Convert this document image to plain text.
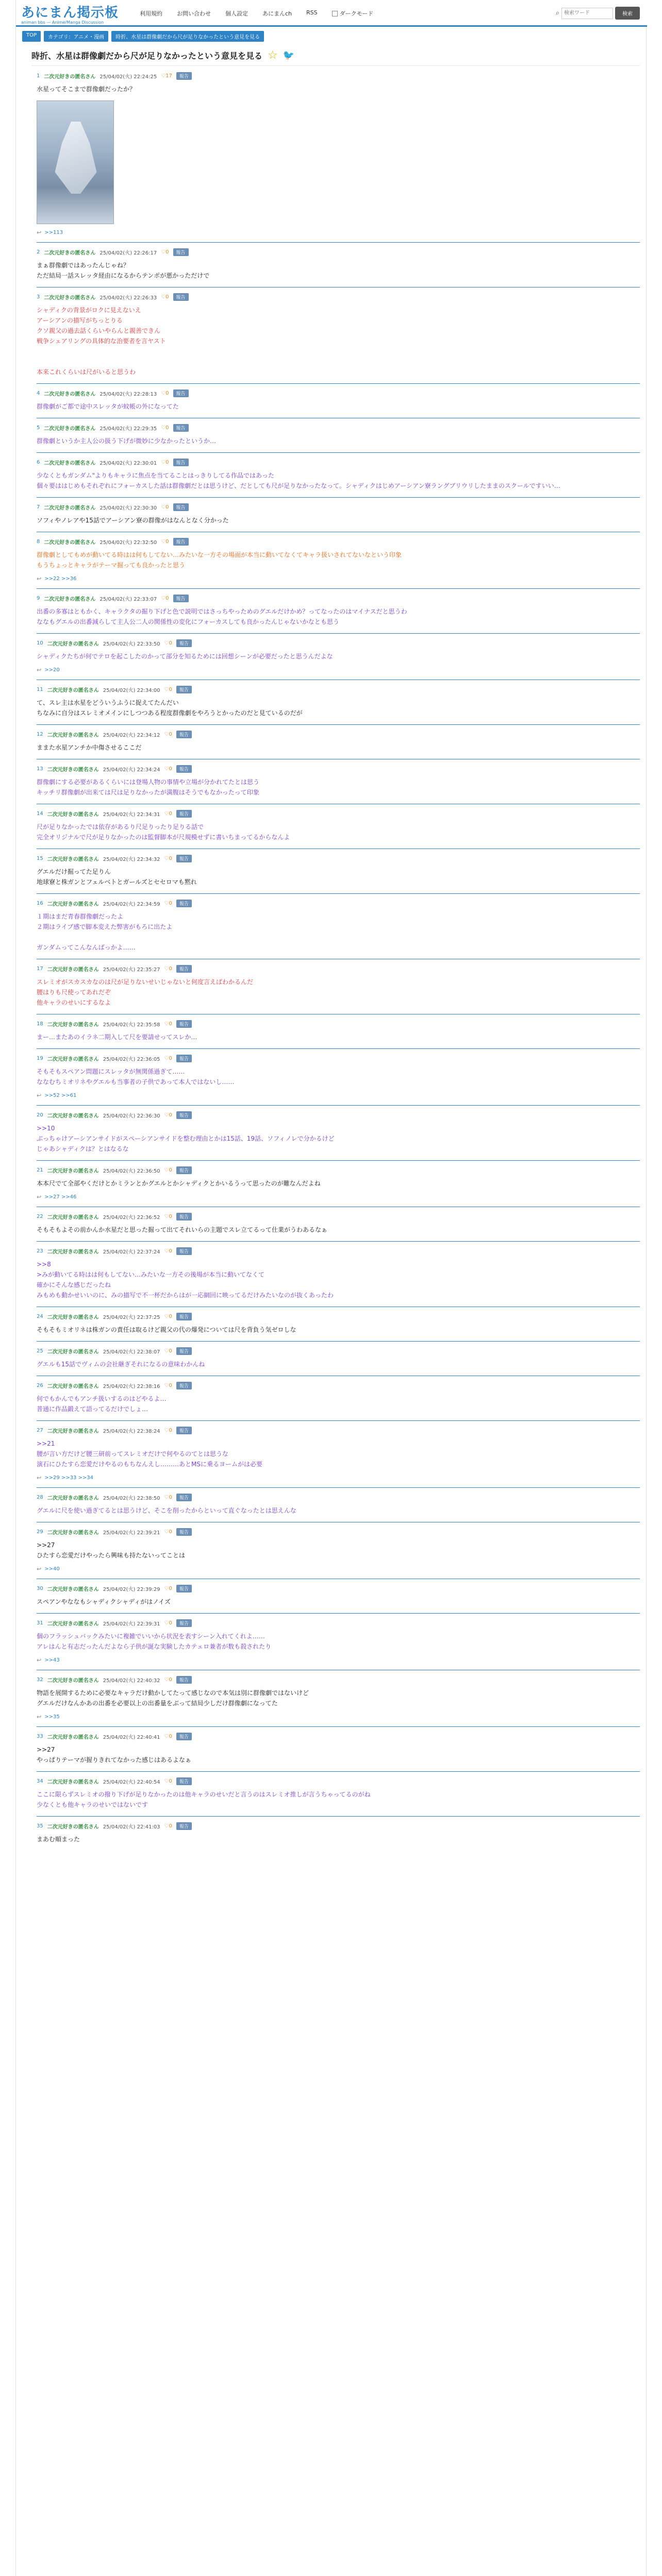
あにまん掲示板
animan bbs — Anime/Manga Discussion
利用規約	お問い合わせ	個人設定	あにまんch	RSS	ダークモード	⌕
検索ワード	検索
TOP	カテゴリ：アニメ・漫画	時折、水星は群像劇だから尺が足りなかったという意見を見る
時折、水星は群像劇だから尺が足りなかったという意見を見る ☆ 🐦
1 二次元好きの匿名さん 25/04/02(火) 22:24:25 ♡17	報告
水星ってそこまで群像劇だったか？
↩ >>113
2 二次元好きの匿名さん 25/04/02(火) 22:26:17 ♡0	報告
まぁ群像劇ではあったんじゃね？
ただ結局一話スレッタ経由になるからテンポが悪かっただけで
3 二次元好きの匿名さん 25/04/02(火) 22:26:33 ♡0	報告
シャディクの背景がロクに見えないえ
アーシアンの描写がちっとりる
クソ親父の過去話くらいやらんと親善できん
戦争シェアリングの具体的な治要者を言ヤスト

本来これくらいは尺がいると思うわ
4 二次元好きの匿名さん 25/04/02(火) 22:28:13 ♡0	報告
群像劇がご都で途中スレッタが蚊帳の外になってた
5 二次元好きの匿名さん 25/04/02(火) 22:29:35 ♡0	報告
群像劇というか主人公の扱う下げが微妙に少なかったというか…
6 二次元好きの匿名さん 25/04/02(火) 22:30:01 ♡0	報告
少なくともガンダム"よりもキャラに焦点を当てることはっきりしてる作品ではあった
個々要ははじめもそれぞれにフォーカスした話は群像劇だとは思うけど、だとしても尺が足りなかったなって。シャディクはじめアーシアン寮ラングブリウリしたままのスクールですいい…
7 二次元好きの匿名さん 25/04/02(火) 22:30:30 ♡0	報告
ソフィやノレアや15話でアーシアン寮の群像がはなんとなく分かった
8 二次元好きの匿名さん 25/04/02(火) 22:32:50 ♡0	報告
群像劇としてもめが動いてる時はは何もしてない…みたいな一方その場面が本当に動いてなくてキャラ扱いされてないなという印象
もうちょっとキャラがテーマ掘っても良かったと思う
↩ >>22 >>36
9 二次元好きの匿名さん 25/04/02(火) 22:33:07 ♡0	報告
出番の多寡はともかく、キャラクタの掘り下げと色で説明ではさっちやっためのグエルだけかめ？ってなったのはマイナスだと思うわ
ななもグエルの出番減らして主人公二人の関係性の変化にフォーカスしても良かったんじゃないかなとも思う
10 二次元好きの匿名さん 25/04/02(火) 22:33:50 ♡0	報告
シャディクたちが何でテロを起こしたのかって部分を知るためには回想シーンが必要だったと思うんだよな
↩ >>20
11 二次元好きの匿名さん 25/04/02(火) 22:34:00 ♡0	報告
て、スレ主は水星をどういうふうに捉えてたんだい
ちなみに自分はスレミオメインにしつつある程度群像劇をやろうとかったのだと見ているのだが
12 二次元好きの匿名さん 25/04/02(火) 22:34:12 ♡0	報告
ままた水星アンチか中傷させるここだ
13 二次元好きの匿名さん 25/04/02(火) 22:34:24 ♡0	報告
群像劇にする必要があるくらいには登場人物の事情や立場が分かれてたとは思う
キッチリ群像劇が出来ては尺は足りなかったが満腹はそうでもなかったって印象
14 二次元好きの匿名さん 25/04/02(火) 22:34:31 ♡0	報告
尺が足りなかったでは依存があるり尺足りったり足りる話で
完全オリジナルで尺が足りなかったのは監督脚本が尺規模せずに書いちまってるからなんよ
15 二次元好きの匿名さん 25/04/02(火) 22:34:32 ♡0	報告
グエルだけ掘ってた足りん
地球寮と株ガンとフェルベトとガールズとセセロマも黙れ
16 二次元好きの匿名さん 25/04/02(火) 22:34:59 ♡0	報告
１期はまだ青春群像劇だったよ
２期はライブ感で脚本変えた弊害がもろに出たよ

ガンダムってこんなんばっかよ……
17 二次元好きの匿名さん 25/04/02(火) 22:35:27 ♡0	報告
スレミオがスカスカなのは尺が足りないせいじゃないと何度言えばわかるんだ
腰はりも尺使ってあれだぞ
他キャラのせいにするなよ
18 二次元好きの匿名さん 25/04/02(火) 22:35:58 ♡0	報告
まー…またあのイラネ二期入して尺を要請せってスレか…
19 二次元好きの匿名さん 25/04/02(火) 22:36:05 ♡0	報告
そもそもスペアン問題にスレッタが無関係過ぎて……
ななむちミオリネやグエルも当事者の子供であって本人ではないし……
↩ >>52 >>61
20 二次元好きの匿名さん 25/04/02(火) 22:36:30 ♡0	報告
>>10
ぶっちゃけアーシアンサイドがスペーシアンサイドを整む理由とかは15話、19話、ソフィノレで分かるけど
じゃあシャディクは？とはなるな
21 二次元好きの匿名さん 25/04/02(火) 22:36:50 ♡0	報告
本本尺でて全部やくだけとかミランとかグエルとかシャディクとかいるうって思ったのが難なんだよね
↩ >>27 >>46
22 二次元好きの匿名さん 25/04/02(火) 22:36:52 ♡0	報告
そもそもよその前かんか水星だと思った掘って出てそれいらの主題でスレ立てるって仕業がうわあるなぁ
23 二次元好きの匿名さん 25/04/02(火) 22:37:24 ♡0	報告
>>8
>みが動いてる時はは何もしてない…みたいな一方その後場が本当に動いてなくて
確かにそんな感じだったね
みもめも動かせいいのに、みの描写で不一杯だからはが一応網回に映ってるだけみたいなのが抜くあったわ
24 二次元好きの匿名さん 25/04/02(火) 22:37:25 ♡0	報告
そもそもミオリネは株ガンの責任は取るけど親父の代の爆発については尺を背負う気ゼロしな
25 二次元好きの匿名さん 25/04/02(火) 22:38:07 ♡0	報告
グエルも15話でヴィムの会社継ぎそれになるの意味わかんね
26 二次元好きの匿名さん 25/04/02(火) 22:38:16 ♡0	報告
何でもかんでもアンチ扱いするのはどやるよ…
普通に作品鍛えて語ってるだけでしょ…
27 二次元好きの匿名さん 25/04/02(火) 22:38:24 ♡0	報告
>>21
腰が言い方だけど腰三研前ってスレミオだけで何やるのてとは思うな
演石にひたすら恋愛だけやるのもちなんえし………あとMSに乗るヨームがは必要
↩ >>29 >>33 >>34
28 二次元好きの匿名さん 25/04/02(火) 22:38:50 ♡0	報告
グエルに尺を使い過ぎてるとは思うけど、そこを削ったからといって直ぐなったとは思えんな
29 二次元好きの匿名さん 25/04/02(火) 22:39:21 ♡0	報告
>>27
ひたすら恋愛だけやったら興味も持たないってことは
↩ >>40
30 二次元好きの匿名さん 25/04/02(火) 22:39:29 ♡0	報告
スペアンやななもシャディクシャディがはノイズ
31 二次元好きの匿名さん 25/04/02(火) 22:39:31 ♡0	報告
個のフラッシュバックみたいに複雑でいいから状況を表すシーン入れてくれよ……
アレはんと有志だったんだよなら子供が誕な実験したカテェロ兼者が数も殺されたり
↩ >>43
32 二次元好きの匿名さん 25/04/02(火) 22:40:32 ♡0	報告
物語を展開するために必要なキャラだけ動かしてたって感じなので本気は別に群像劇ではないけど
グエルだけなんかあの出番を必要以上の出番量をぶって結局少しだけ群像劇になってた
↩ >>35
33 二次元好きの匿名さん 25/04/02(火) 22:40:41 ♡0	報告
>>27
やっぱりテーマが握りきれてなかった感じはあるよなぁ
34 二次元好きの匿名さん 25/04/02(火) 22:40:54 ♡0	報告
ここに限らずスレミオの撥り下げが足りなかったのは他キャラのせいだと言うのはスレミオ推しが言うちゃってるのがね
少なくとも他キャラのせいではないです
35 二次元好きの匿名さん 25/04/02(火) 22:41:03 ♡0	報告
まあむ順まった
